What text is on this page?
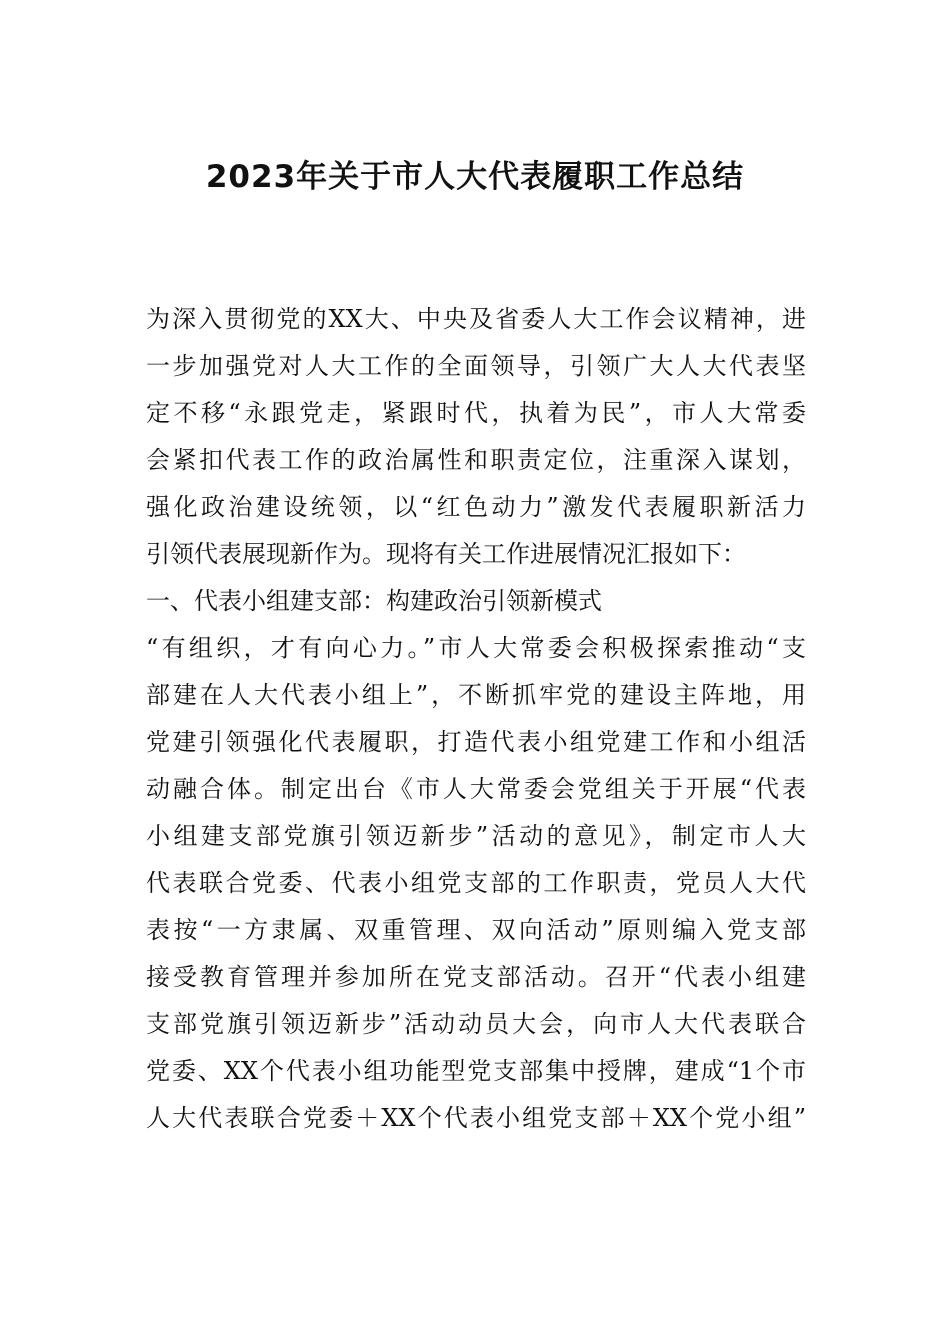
2023年关于市人大代表履职工作总结
为深入贯彻党的XX大、中央及省委人大工作会议精神，进
一步加强党对人大工作的全面领导，引领广大人大代表坚
定不移“永跟党走，紧跟时代，执着为民”，市人大常委
会紧扣代表工作的政治属性和职责定位，注重深入谋划，
强化政治建设统领，以“红色动力”激发代表履职新活力
引领代表展现新作为。现将有关工作进展情况汇报如下：
一、代表小组建支部：构建政治引领新模式
“有组织，才有向心力。”市人大常委会积极探索推动“支
部建在人大代表小组上”，不断抓牢党的建设主阵地，用
党建引领强化代表履职，打造代表小组党建工作和小组活
动融合体。制定出台《市人大常委会党组关于开展“代表
小组建支部党旗引领迈新步”活动的意见》，制定市人大
代表联合党委、代表小组党支部的工作职责，党员人大代
表按“一方隶属、双重管理、双向活动”原则编入党支部
接受教育管理并参加所在党支部活动。召开“代表小组建
支部党旗引领迈新步”活动动员大会，向市人大代表联合
党委、XX个代表小组功能型党支部集中授牌，建成“1个市
人大代表联合党委＋XX个代表小组党支部＋XX个党小组”
